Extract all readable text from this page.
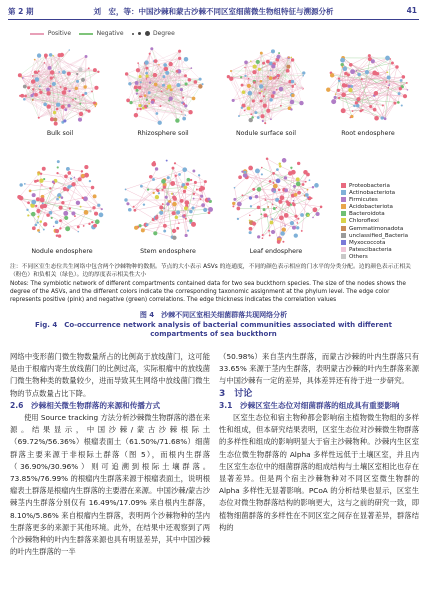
第 2 期	刘　宏，等：中国沙棘和蒙古沙棘不同区室细菌微生物组特征与溯源分析	41
Positive	Negative	Degree
Bulk soil	Rhizosphere soil	Nodule surface soil	Root endosphere
Nodule endosphere	Stem endosphere	Leaf endosphere
Proteobacteria
Actinobacteriota
Firmicutes
Acidobacteriota
Bacteroidota
Chloroflexi
Gemmatimonadota
unclassified_Bacteria
Myxococcota
Patescibacteria
Others
注：不同区室生态位共生网络中包含两个沙棘物种的数据。节点的大小表示 ASVs 的连通度，不同的颜色表示相应的门水平的分类分配。边的颜色表示正相关（粉色）和负相关（绿色）。边的厚度表示相关性大小
Notes: The symbiotic network of different compartments contained data for two sea buckthorn species. The size of the nodes shows the degree of the ASVs, and the different colors indicate the corresponding taxonomic assignment at the phylum level. The edge color represents positive (pink) and negative (green) correlations. The edge thickness indicates the correlation values
图 4　沙棘不同区室相关细菌群落共现网络分析
Fig. 4　Co-occurrence network analysis of bacterial communities associated with different
compartments of sea buckthorn

网络中变形菌门微生物数量所占的比例高于放线菌门，这可能是由于根瘤内寄生放线菌门的比例过高，实际根瘤中的放线菌门微生物种类的数量较少，进而导致其生网络中放线菌门微生物的节点数量占比下降。

2.6　沙棘相关微生物群落的来源和传播方式

使用 Source tracking 方法分析沙棘微生物群落的潜在来源。结果显示，中国沙棘/蒙古沙棘根际土（69.72%/56.36%）根瘤表面土（61.50%/71.68%）细菌群落主要来源于非根际土群落（图 5），而根内生群落（36.90%/30.96%）则可追溯到根际土壤群落。73.85%/76.99% 的根瘤内生群落来源于根瘤表面土，说明根瘤表土群落是根瘤内生群落的主要潜在来源。中国沙棘/蒙古沙棘茎内生群落分别仅有 16.49%/17.09% 来自根内生群落，8.10%/5.86% 来自根瘤内生群落，表明两个沙棘物种的茎内生群落更多的来源于其他环境。此外，在结果中还观察到了两个沙棘物种的叶内生群落来源也具有明显差异，其中中国沙棘的叶内生群落的一半

（50.98%）来自茎内生群落，而蒙古沙棘的叶内生群落只有 33.65% 来源于茎内生群落，表明蒙古沙棘的叶内生群落来源与中国沙棘有一定的差异，具体差异还有待于进一步研究。

3　讨论

3.1　沙棘区室生态位对细菌群落的组成具有重要影响

区室生态位和宿主物种都会影响宿主植物微生物组的多样性和组成，但本研究结果表明，区室生态位对沙棘微生物群落的多样性和组成的影响明显大于宿主沙棘物种。沙棘内生区室生态位微生物群落的 Alpha 多样性远低于土壤区室，并且内生区室生态位中的细菌群落的组成结构与土壤区室相比也存在显著差异。但是两个宿主沙棘物种对不同区室微生物群的 Alpha 多样性无显著影响。PCoA 的分析结果也显示，区室生态位对微生物群落结构的影响更大，这与之前的研究一致，即植物细菌群落的多样性在不同区室之间存在显著差异，群落结构的
